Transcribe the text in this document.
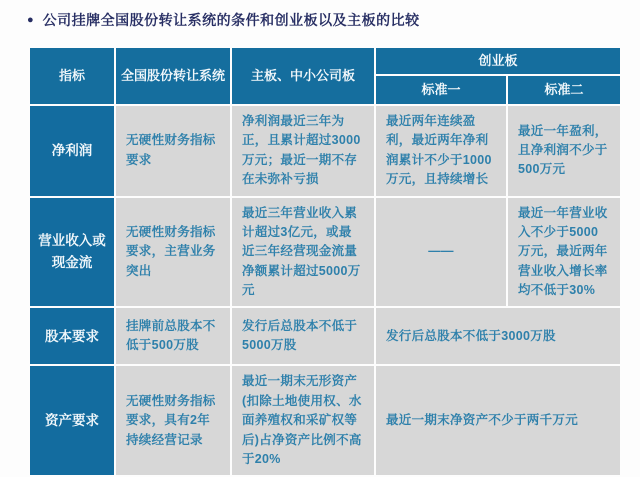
● 公司挂牌全国股份转让系统的条件和创业板以及主板的比较
指标	全国股份转让系统	主板、中小公司板	创业板	
			标准一	标准二
净利润	无硬性财务指标要求	净利润最近三年为正，且累计超过3000万元；最近一期不存在未弥补亏损	最近两年连续盈利，最近两年净利润累计不少于1000万元，且持续增长	最近一年盈利，且净利润不少于500万元
营业收入或现金流	无硬性财务指标要求，主营业务突出	最近三年营业收入累计超过3亿元，或最近三年经营现金流量净额累计超过5000万元	——	最近一年营业收入不少于5000万元，最近两年营业收入增长率均不低于30%
股本要求	挂牌前总股本不低于500万股	发行后总股本不低于5000万股	发行后总股本不低于3000万股	
资产要求	无硬性财务指标要求，具有2年持续经营记录	最近一期末无形资产(扣除土地使用权、水面养殖权和采矿权等后)占净资产比例不高于20%	最近一期末净资产不少于两千万元	
